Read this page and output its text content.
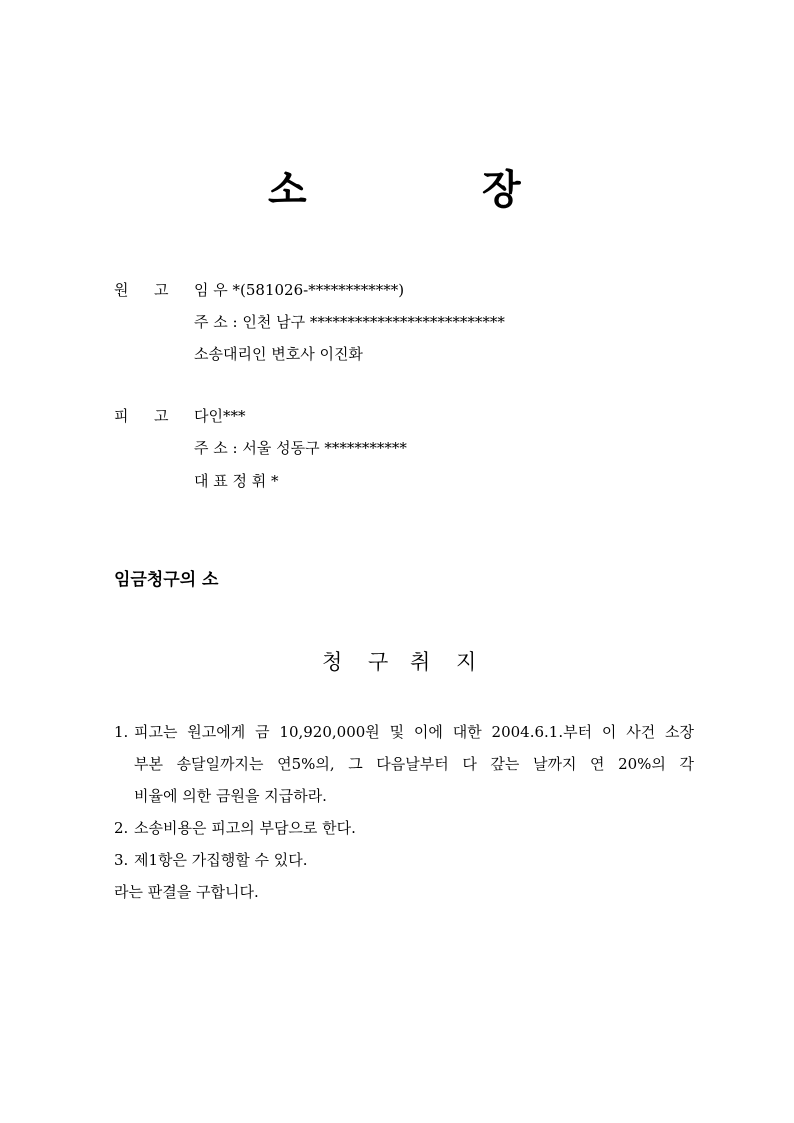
소	장
원 고 임 우 *(581026-************)
주 소 : 인천 남구 **************************
소송대리인 변호사 이진화
피 고 다인***
주 소 : 서울 성동구 ***********
대 표 정 휘 *
임금청구의 소
청 구 취 지
1. 피고는 원고에게 금 10,920,000원 및 이에 대한 2004.6.1.부터 이 사건 소장
부본 송달일까지는 연5%의, 그 다음날부터 다 갚는 날까지 연 20%의 각
비율에 의한 금원을 지급하라.
2. 소송비용은 피고의 부담으로 한다.
3. 제1항은 가집행할 수 있다.
라는 판결을 구합니다.
